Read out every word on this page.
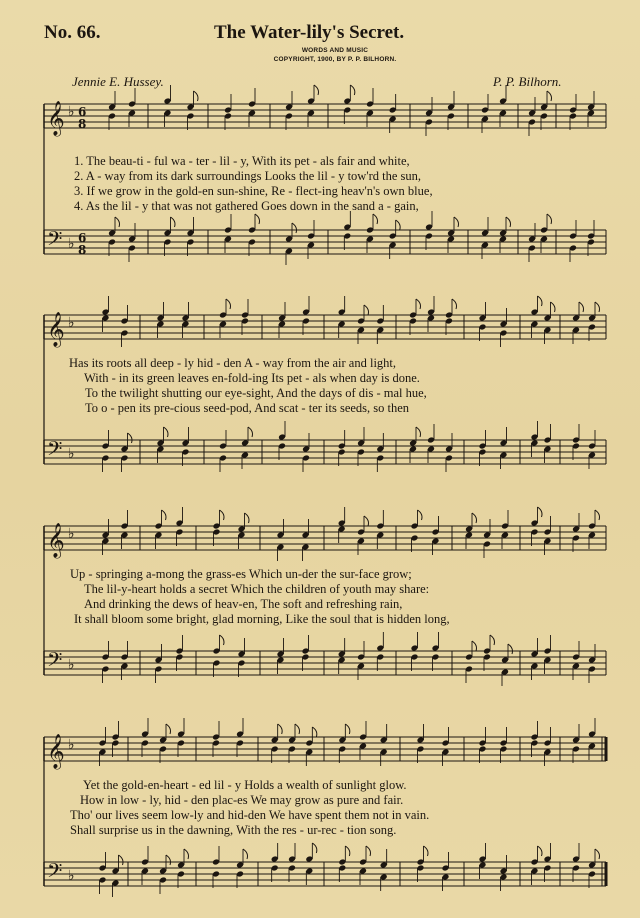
No. 66.	The Water-lily's Secret.
WORDS AND MUSIC
COPYRIGHT, 1900, BY P. P. BILHORN.
Jennie E. Hussey.	P. P. Bilhorn.
𝄞 ♭ 6
8
𝄢 ♭ 6
8
𝄞 ♭
𝄢 ♭
𝄞 ♭
𝄢 ♭
𝄞 ♭
𝄢 ♭
1. The beau-ti - ful wa - ter - lil - y, With its pet - als fair and white,
2. A - way from its dark surroundings Looks the lil - y tow'rd the sun,
3. If we grow in the gold-en sun-shine, Re - flect-ing heav'n's own blue,
4. As the lil - y that was not gathered Goes down in the sand a - gain,
Has its roots all deep - ly hid - den A - way from the air and light,
With - in its green leaves en-fold-ing Its pet - als when day is done.
To the twilight shutting our eye-sight, And the days of dis - mal hue,
To o - pen its pre-cious seed-pod, And scat - ter its seeds, so then
Up - springing a-mong the grass-es Which un-der the sur-face grow;
The lil-y-heart holds a secret Which the children of youth may share:
And drinking the dews of heav-en, The soft and refreshing rain,
It shall bloom some bright, glad morning, Like the soul that is hidden long,
Yet the gold-en-heart - ed lil - y Holds a wealth of sunlight glow.
How in low - ly, hid - den plac-es We may grow as pure and fair.
Tho' our lives seem low-ly and hid-den We have spent them not in vain.
Shall surprise us in the dawning, With the res - ur-rec - tion song.
